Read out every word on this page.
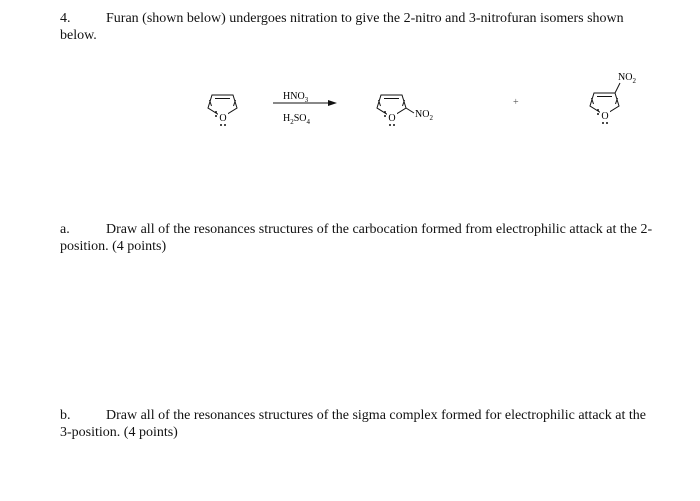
4.	Furan (shown below) undergoes nitration to give the 2-nitro and 3-nitrofuran isomers shown
below.
O
$HNO_3$
$H_2SO_4$	O $NO_2$
+
O
$NO_2$
a.	Draw all of the resonances structures of the carbocation formed from electrophilic attack at the 2-
position. (4 points)
b.	Draw all of the resonances structures of the sigma complex formed for electrophilic attack at the
3-position. (4 points)
